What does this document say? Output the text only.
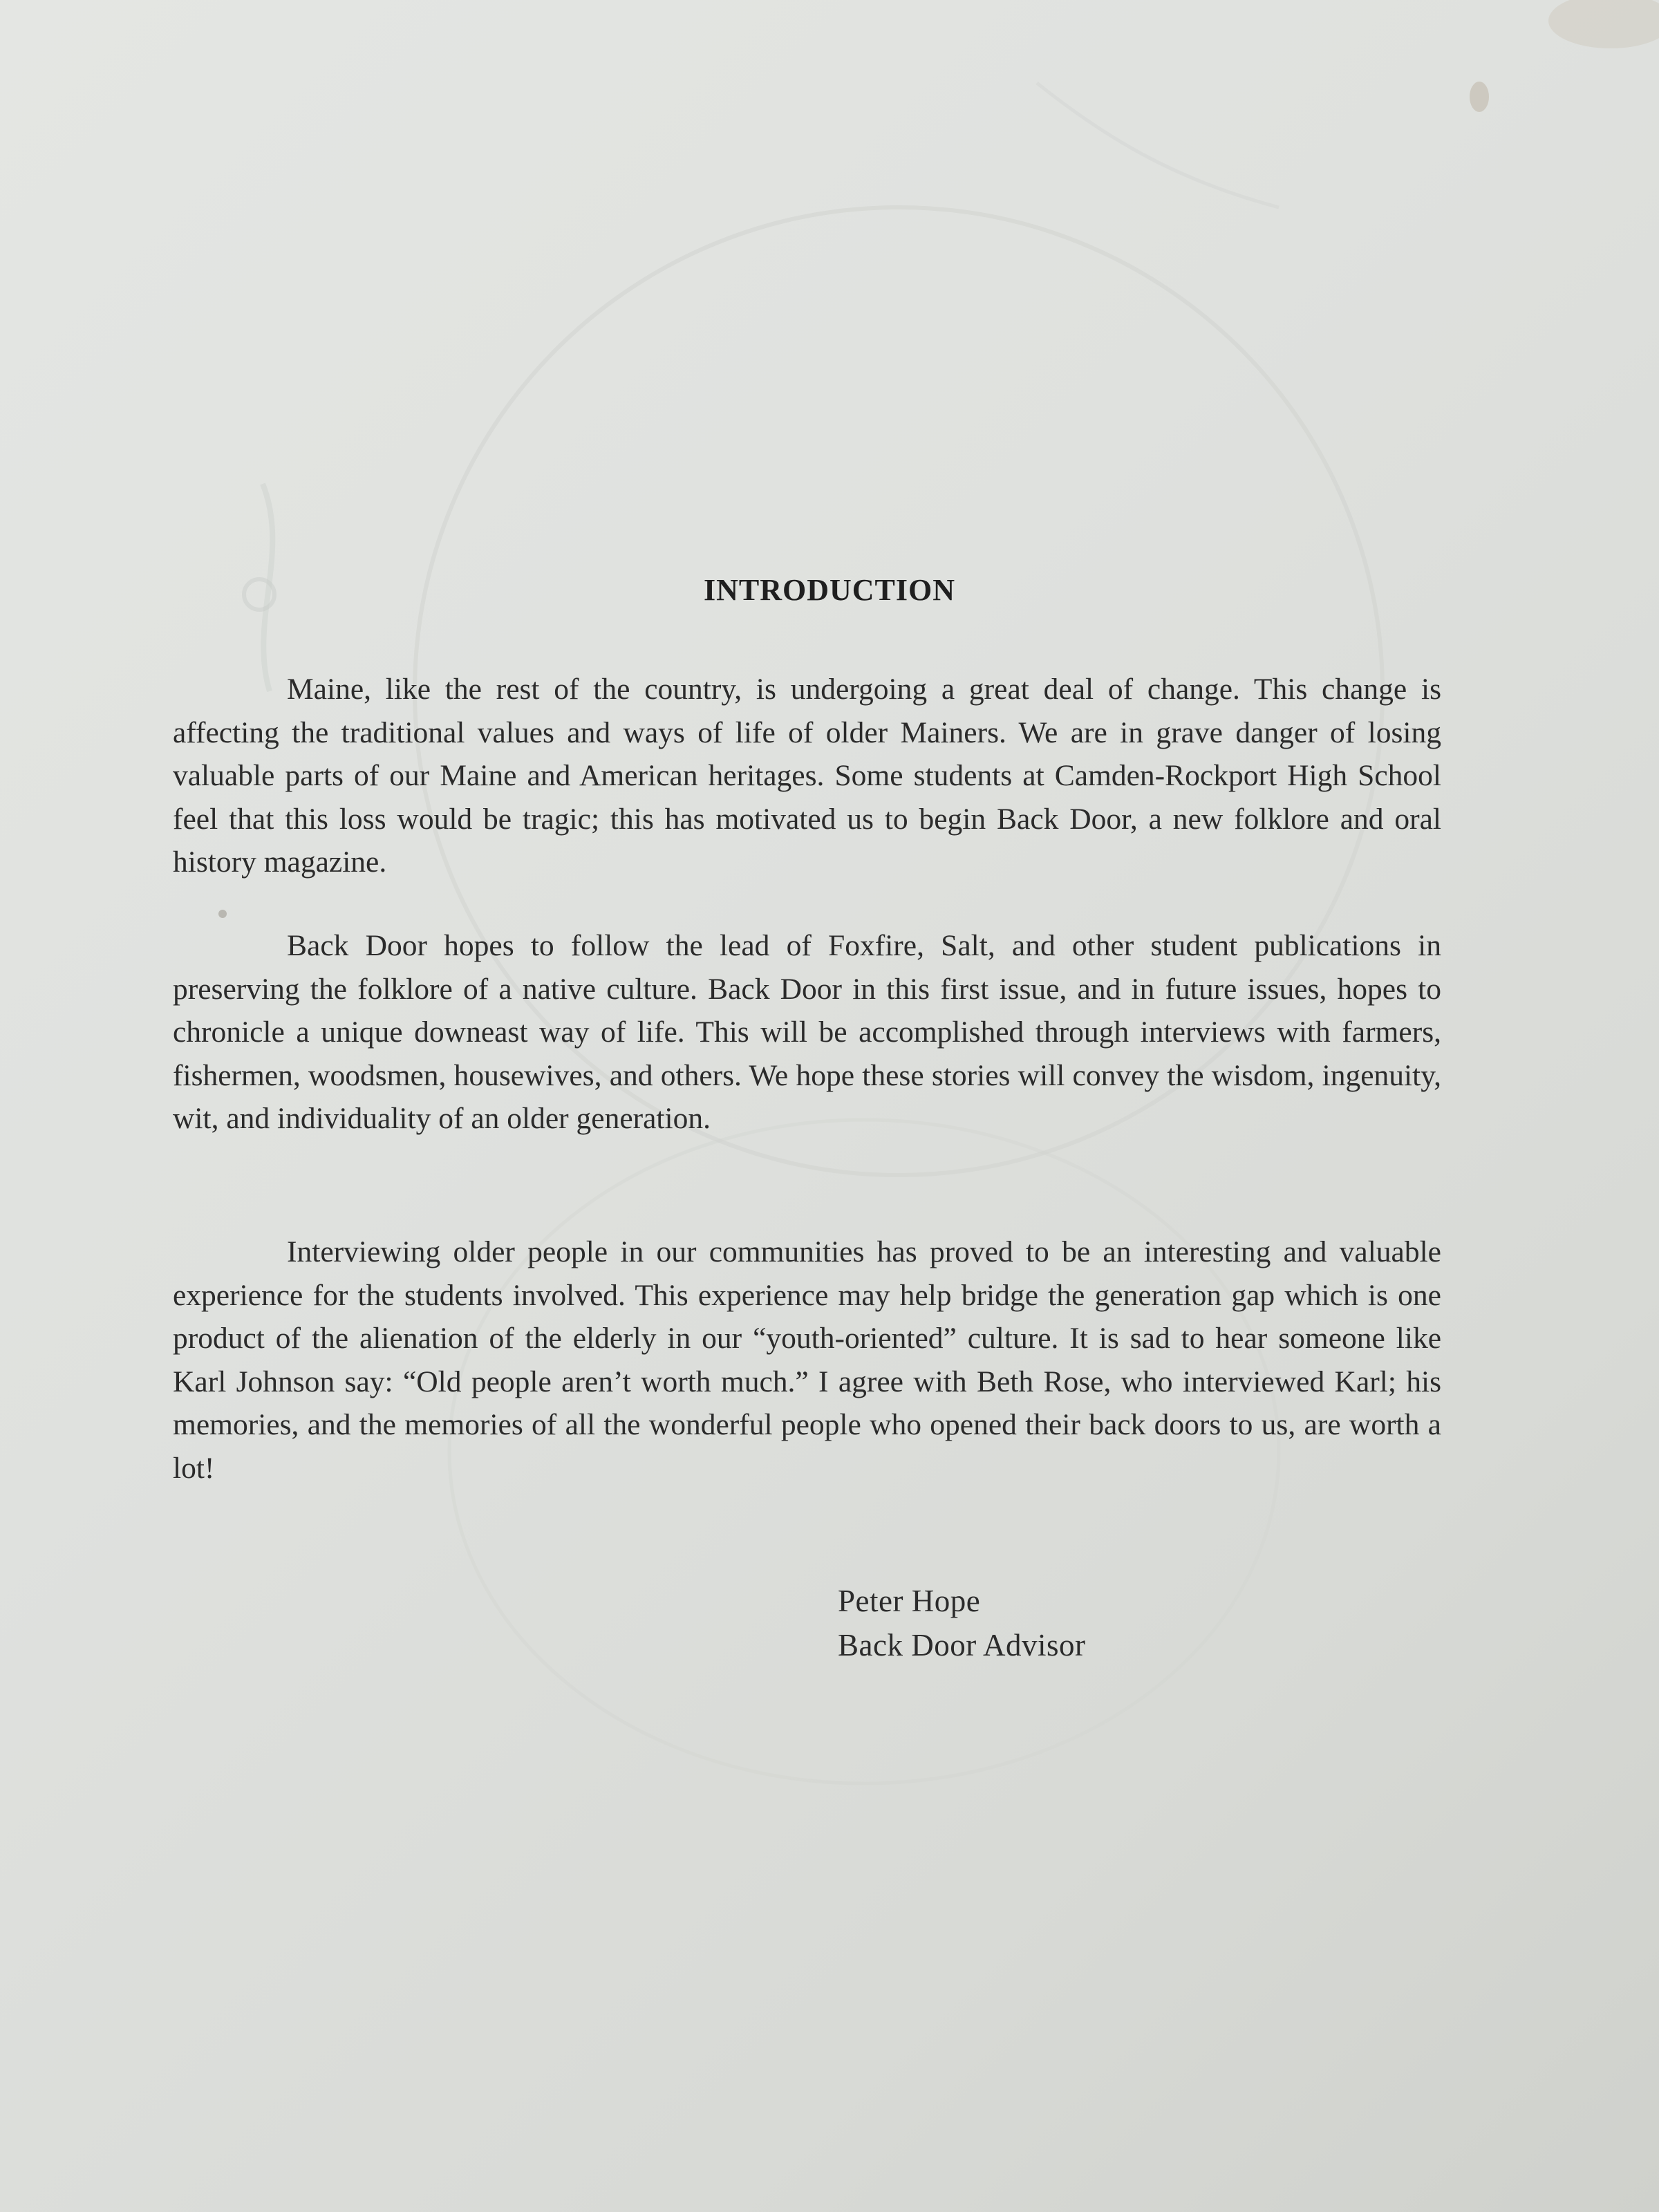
INTRODUCTION

Maine, like the rest of the country, is undergoing a great deal of change. This change is affecting the traditional values and ways of life of older Mainers. We are in grave danger of losing valuable parts of our Maine and American heritages. Some students at Camden-Rockport High School feel that this loss would be tragic; this has motivated us to begin Back Door, a new folklore and oral history magazine.

Back Door hopes to follow the lead of Foxfire, Salt, and other student publications in preserving the folklore of a native culture. Back Door in this first issue, and in future issues, hopes to chronicle a unique downeast way of life. This will be accomplished through interviews with farmers, fishermen, woodsmen, housewives, and others. We hope these stories will convey the wisdom, ingenuity, wit, and individuality of an older generation.

Interviewing older people in our communities has proved to be an interesting and valuable experience for the students involved. This experience may help bridge the generation gap which is one product of the alienation of the elderly in our “youth-oriented” culture. It is sad to hear someone like Karl Johnson say: “Old people aren’t worth much.” I agree with Beth Rose, who interviewed Karl; his memories, and the memories of all the wonderful people who opened their back doors to us, are worth a lot!

Peter Hope
Back Door Advisor
